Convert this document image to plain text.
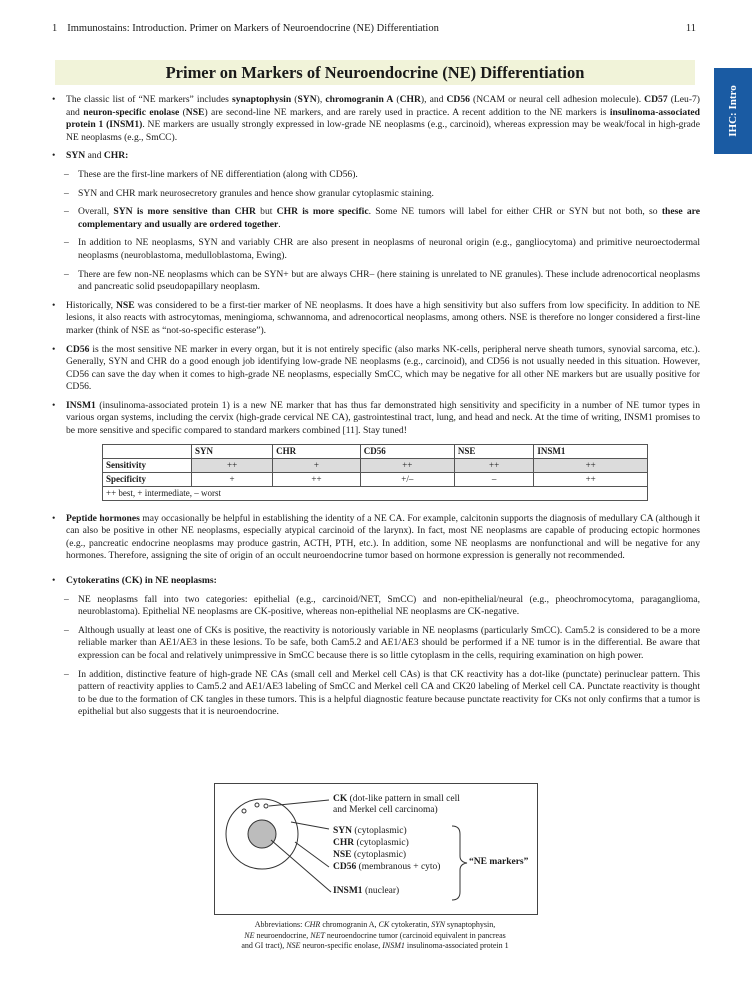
1 Immunostains: Introduction. Primer on Markers of Neuroendocrine (NE) Differentiation	11
Primer on Markers of Neuroendocrine (NE) Differentiation
IHC: Intro

• The classic list of “NE markers” includes synaptophysin (SYN), chromogranin A (CHR), and CD56 (NCAM or neural cell adhesion molecule). CD57 (Leu-7) and neuron-specific enolase (NSE) are second-line NE markers, and are rarely used in practice. A recent addition to the NE markers is insulinoma-associated protein 1 (INSM1). NE markers are usually strongly expressed in low-grade NE neoplasms (e.g., carcinoid), whereas expression may be weak/focal in high-grade NE neoplasms (e.g., SmCC).

• SYN and CHR:

– These are the first-line markers of NE differentiation (along with CD56).

– SYN and CHR mark neurosecretory granules and hence show granular cytoplasmic staining.

– Overall, SYN is more sensitive than CHR but CHR is more specific. Some NE tumors will label for either CHR or SYN but not both, so these are complementary and usually are ordered together.

– In addition to NE neoplasms, SYN and variably CHR are also present in neoplasms of neuronal origin (e.g., gangliocytoma) and primitive neuroectodermal neoplasms (neuroblastoma, medulloblastoma, Ewing).

– There are few non-NE neoplasms which can be SYN+ but are always CHR– (here staining is unrelated to NE granules). These include adrenocortical neoplasms and pancreatic solid pseudopapillary neoplasm.

• Historically, NSE was considered to be a first-tier marker of NE neoplasms. It does have a high sensitivity but also suffers from low specificity. In addition to NE lesions, it also reacts with astrocytomas, meningioma, schwannoma, and adrenocortical neoplasms, among others. NSE is therefore no longer considered a first-line marker (think of NSE as “not-so-specific esterase”).

• CD56 is the most sensitive NE marker in every organ, but it is not entirely specific (also marks NK-cells, peripheral nerve sheath tumors, synovial sarcoma, etc.). Generally, SYN and CHR do a good enough job identifying low-grade NE neoplasms (e.g., carcinoid), and CD56 is not usually needed in this situation. However, CD56 can save the day when it comes to high-grade NE neoplasms, especially SmCC, which may be negative for all other NE markers but are usually positive for CD56.

• INSM1 (insulinoma-associated protein 1) is a new NE marker that has thus far demonstrated high sensitivity and specificity in a number of NE tumor types in various organ systems, including the cervix (high-grade cervical NE CA), gastrointestinal tract, lung, and head and neck. At the time of writing, INSM1 promises to be more sensitive and specific compared to standard markers combined [11]. Stay tuned!

	SYN	CHR	CD56	NSE	INSM1
Sensitivity	++	+	++	++	++
Specificity	+	++	+/–	–	++
++ best, + intermediate, – worst					

• Peptide hormones may occasionally be helpful in establishing the identity of a NE CA. For example, calcitonin supports the diagnosis of medullary CA (although it can also be positive in other NE neoplasms, especially atypical carcinoid of the larynx). In fact, most NE neoplasms are capable of producing ectopic hormones (e.g., pancreatic endocrine neoplasms may produce gastrin, ACTH, PTH, etc.). In addition, some NE neoplasms are nonfunctional and will be negative for any hormones. Therefore, assigning the site of origin of an occult neuroendocrine tumor based on hormone expression is generally not recommended.

• Cytokeratins (CK) in NE neoplasms:

– NE neoplasms fall into two categories: epithelial (e.g., carcinoid/NET, SmCC) and non-epithelial/neural (e.g., pheochromocytoma, paraganglioma, neuroblastoma). Epithelial NE neoplasms are CK-positive, whereas non-epithelial NE neoplasms are CK-negative.

– Although usually at least one of CKs is positive, the reactivity is notoriously variable in NE neoplasms (particularly SmCC). Cam5.2 is considered to be a more reliable marker than AE1/AE3 in these lesions. To be safe, both Cam5.2 and AE1/AE3 should be performed if a NE tumor is in the differential. Be aware that expression can be focal and relatively unimpressive in SmCC because there is so little cytoplasm in the cells, requiring examination on high power.

– In addition, distinctive feature of high-grade NE CAs (small cell and Merkel cell CAs) is that CK reactivity has a dot-like (punctate) perinuclear pattern. This pattern of reactivity applies to Cam5.2 and AE1/AE3 labeling of SmCC and Merkel cell CA and CK20 labeling of Merkel cell CA. Punctate reactivity is thought to be due to the formation of CK tangles in these tumors. This is a helpful diagnostic feature because punctate reactivity for CKs not only confirms that a tumor is epithelial but also suggests that it is neuroendocrine.

CK (dot-like pattern in small cell
and Merkel cell carcinoma)
SYN (cytoplasmic)
CHR (cytoplasmic)
NSE (cytoplasmic)
CD56 (membranous + cyto)	“NE markers”
INSM1 (nuclear)
Abbreviations: CHR chromogranin A, CK cytokeratin, SYN synaptophysin,
NE neuroendocrine, NET neuroendocrine tumor (carcinoid equivalent in pancreas
and GI tract), NSE neuron-specific enolase, INSM1 insulinoma-associated protein 1
